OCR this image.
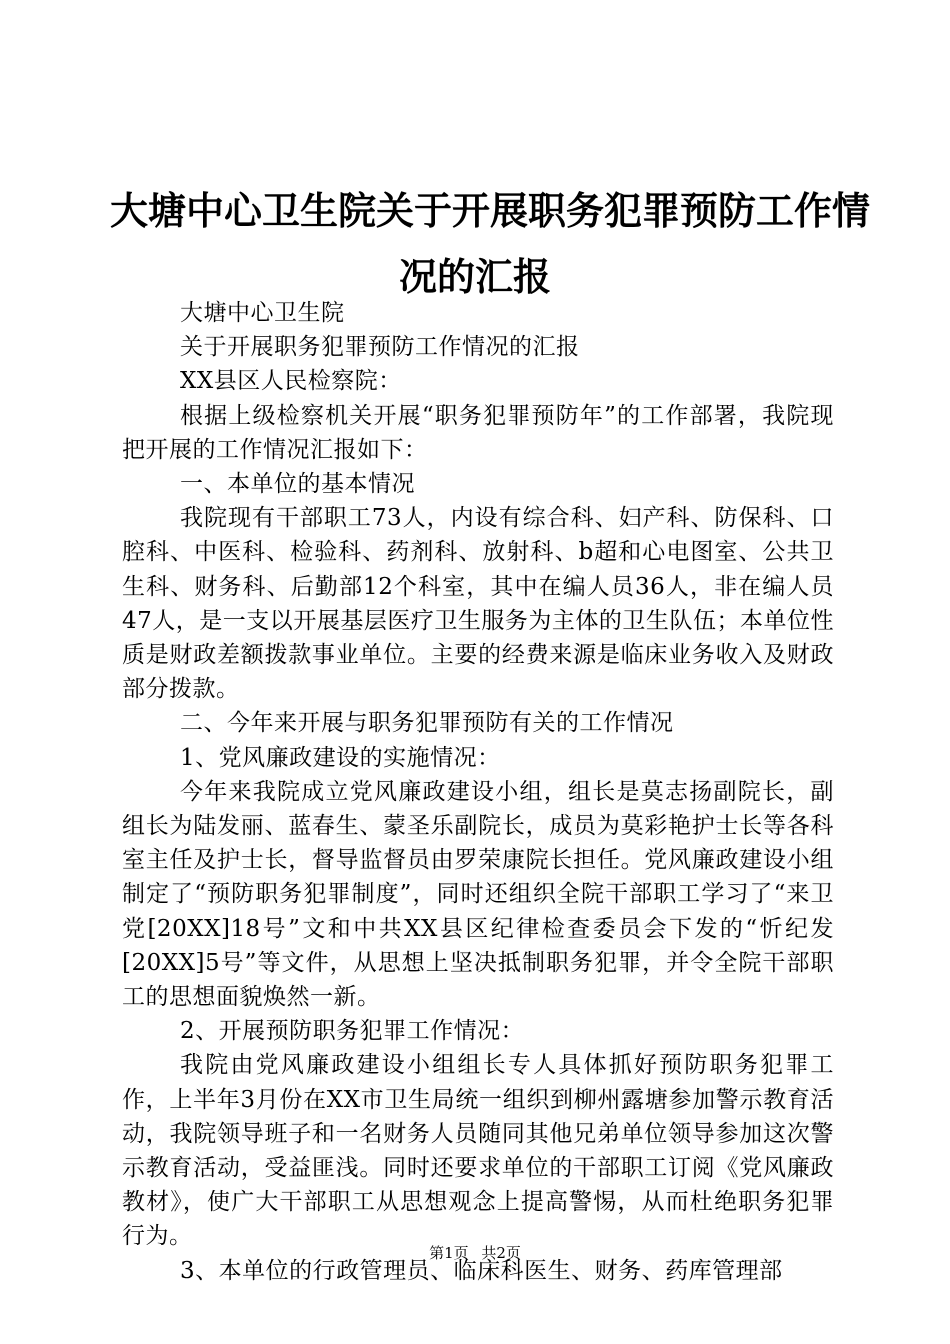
大塘中心卫生院关于开展职务犯罪预防工作情
况的汇报

大塘中心卫生院

关于开展职务犯罪预防工作情况的汇报

XX县区人民检察院：

根据上级检察机关开展“职务犯罪预防年”的工作部署，我院现把开展的工作情况汇报如下：

一、本单位的基本情况

我院现有干部职工73人，内设有综合科、妇产科、防保科、口腔科、中医科、检验科、药剂科、放射科、b超和心电图室、公共卫生科、财务科、后勤部12个科室，其中在编人员36人，非在编人员47人，是一支以开展基层医疗卫生服务为主体的卫生队伍；本单位性质是财政差额拨款事业单位。主要的经费来源是临床业务收入及财政部分拨款。

二、今年来开展与职务犯罪预防有关的工作情况

1、党风廉政建设的实施情况：

今年来我院成立党风廉政建设小组，组长是莫志扬副院长，副组长为陆发丽、蓝春生、蒙圣乐副院长，成员为莫彩艳护士长等各科室主任及护士长，督导监督员由罗荣康院长担任。党风廉政建设小组制定了“预防职务犯罪制度”，同时还组织全院干部职工学习了“来卫党[20XX]18号”文和中共XX县区纪律检查委员会下发的“忻纪发[20XX]5号”等文件，从思想上坚决抵制职务犯罪，并令全院干部职工的思想面貌焕然一新。

2、开展预防职务犯罪工作情况：

我院由党风廉政建设小组组长专人具体抓好预防职务犯罪工作，上半年3月份在XX市卫生局统一组织到柳州露塘参加警示教育活动，我院领导班子和一名财务人员随同其他兄弟单位领导参加这次警示教育活动，受益匪浅。同时还要求单位的干部职工订阅《党风廉政教材》，使广大干部职工从思想观念上提高警惕，从而杜绝职务犯罪行为。

3、本单位的行政管理员、临床科医生、财务、药库管理部

第1页 共2页
